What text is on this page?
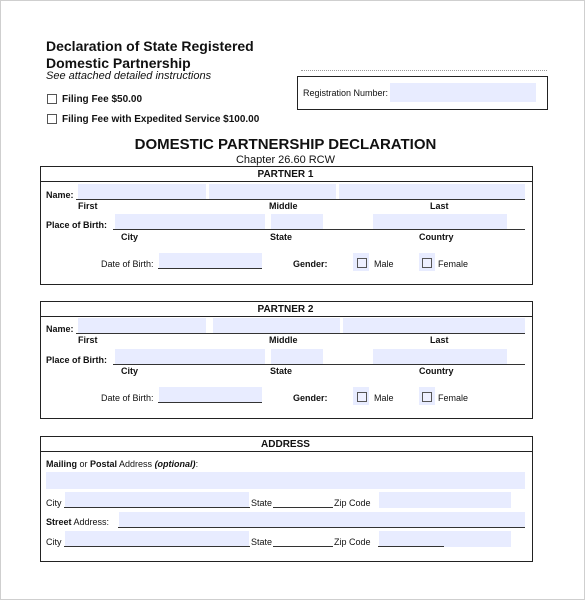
Declaration of State Registered
Domestic Partnership
See attached detailed instructions
Filing Fee $50.00
Filing Fee with Expedited Service $100.00
Registration Number:
DOMESTIC PARTNERSHIP DECLARATION
Chapter 26.60 RCW
PARTNER 1
Name:
First	Middle	Last
Place of Birth:
City	State	Country
Date of Birth:	Gender:	Male	Female
PARTNER 2
Name:
First	Middle	Last
Place of Birth:
City	State	Country
Date of Birth:	Gender:	Male	Female
ADDRESS
Mailing or Postal Address (optional):
City	State	Zip Code
Street Address:
City	State	Zip Code
